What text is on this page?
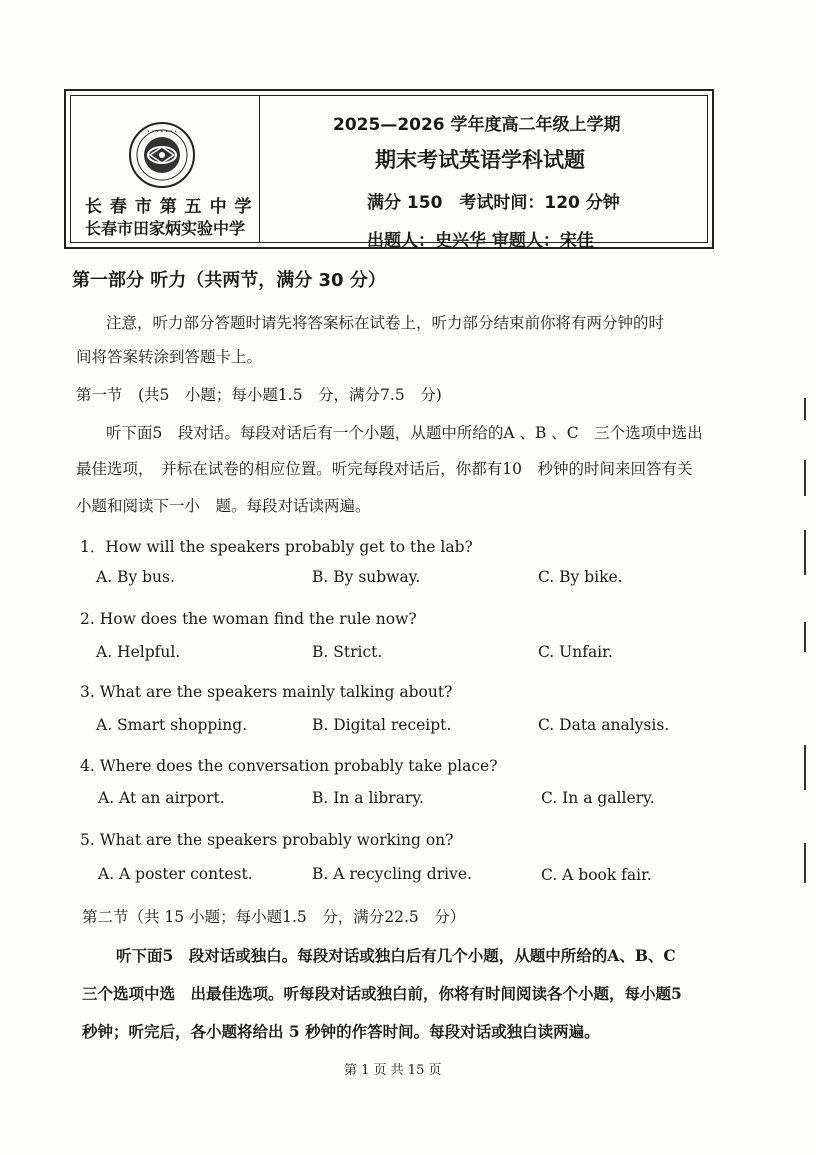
• • • • • • •
长 春 市 第 五 中 学
长春市田家炳实验中学
2025—2026 学年度高二年级上学期
期末考试英语学科试题
满分 150　考试时间：120 分钟
出题人：史兴华 审题人：宋佳
第一部分 听力（共两节，满分 30 分）
注意，听力部分答题时请先将答案标在试卷上，听力部分结束前你将有两分钟的时
间将答案转涂到答题卡上。
第一节　(共5　小题；每小题1.5　分，满分7.5　分)
听下面5　段对话。每段对话后有一个小题，从题中所给的A 、B 、C　三个选项中选出
最佳选项，　并标在试卷的相应位置。听完每段对话后，你都有10　秒钟的时间来回答有关
小题和阅读下一小　题。每段对话读两遍。
1．How will the speakers probably get to the lab?
A. By bus.	B. By subway.	C. By bike.
2. How does the woman find the rule now?
A. Helpful.	B. Strict.	C. Unfair.
3. What are the speakers mainly talking about?
A. Smart shopping.	B. Digital receipt.	C. Data analysis.
4. Where does the conversation probably take place?
A. At an airport.	B. In a library.	C. In a gallery.
5. What are the speakers probably working on?
A. A poster contest.	B. A recycling drive.	C. A book fair.
第二节（共 15 小题；每小题1.5　分，满分22.5　分）
听下面5　段对话或独白。每段对话或独白后有几个小题，从题中所给的A、B、C
三个选项中选　出最佳选项。听每段对话或独白前，你将有时间阅读各个小题，每小题5
秒钟；听完后，各小题将给出 5 秒钟的作答时间。每段对话或独白读两遍。
第 1 页 共 15 页
